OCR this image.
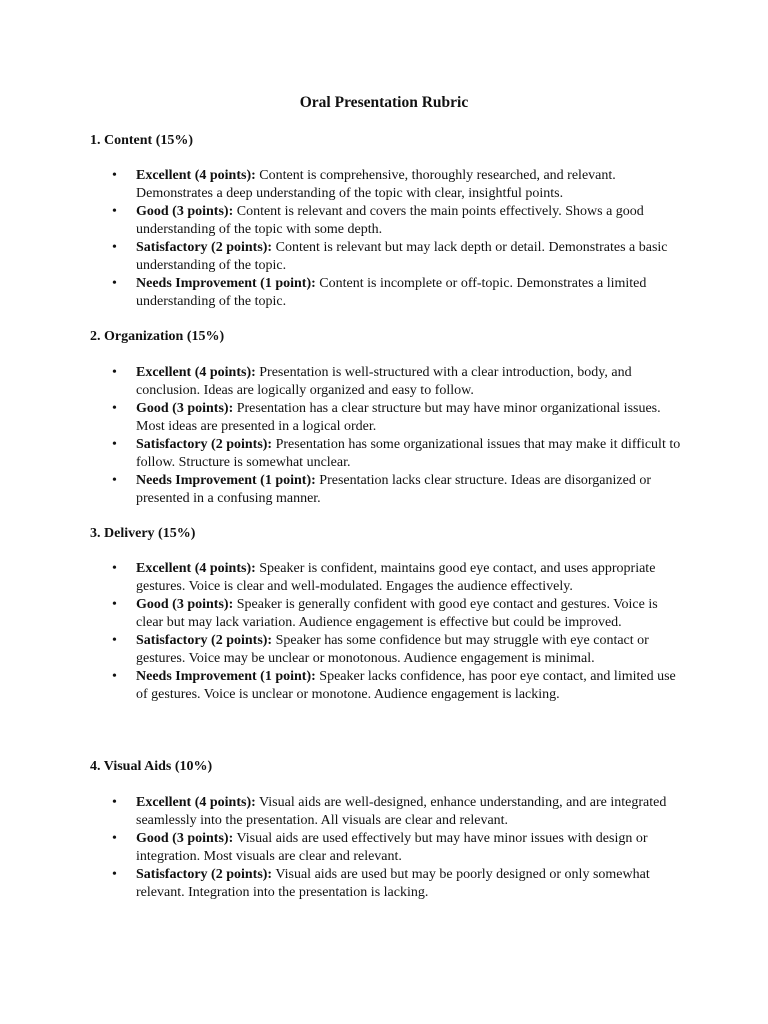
Oral Presentation Rubric
1. Content (15%)
• Excellent (4 points): Content is comprehensive, thoroughly researched, and relevant. Demonstrates a deep understanding of the topic with clear, insightful points.
• Good (3 points): Content is relevant and covers the main points effectively. Shows a good understanding of the topic with some depth.
• Satisfactory (2 points): Content is relevant but may lack depth or detail. Demonstrates a basic understanding of the topic.
• Needs Improvement (1 point): Content is incomplete or off-topic. Demonstrates a limited understanding of the topic.
2. Organization (15%)
• Excellent (4 points): Presentation is well-structured with a clear introduction, body, and conclusion. Ideas are logically organized and easy to follow.
• Good (3 points): Presentation has a clear structure but may have minor organizational issues. Most ideas are presented in a logical order.
• Satisfactory (2 points): Presentation has some organizational issues that may make it difficult to follow. Structure is somewhat unclear.
• Needs Improvement (1 point): Presentation lacks clear structure. Ideas are disorganized or presented in a confusing manner.
3. Delivery (15%)
• Excellent (4 points): Speaker is confident, maintains good eye contact, and uses appropriate gestures. Voice is clear and well-modulated. Engages the audience effectively.
• Good (3 points): Speaker is generally confident with good eye contact and gestures. Voice is clear but may lack variation. Audience engagement is effective but could be improved.
• Satisfactory (2 points): Speaker has some confidence but may struggle with eye contact or gestures. Voice may be unclear or monotonous. Audience engagement is minimal.
• Needs Improvement (1 point): Speaker lacks confidence, has poor eye contact, and limited use of gestures. Voice is unclear or monotone. Audience engagement is lacking.
4. Visual Aids (10%)
• Excellent (4 points): Visual aids are well-designed, enhance understanding, and are integrated seamlessly into the presentation. All visuals are clear and relevant.
• Good (3 points): Visual aids are used effectively but may have minor issues with design or integration. Most visuals are clear and relevant.
• Satisfactory (2 points): Visual aids are used but may be poorly designed or only somewhat relevant. Integration into the presentation is lacking.
